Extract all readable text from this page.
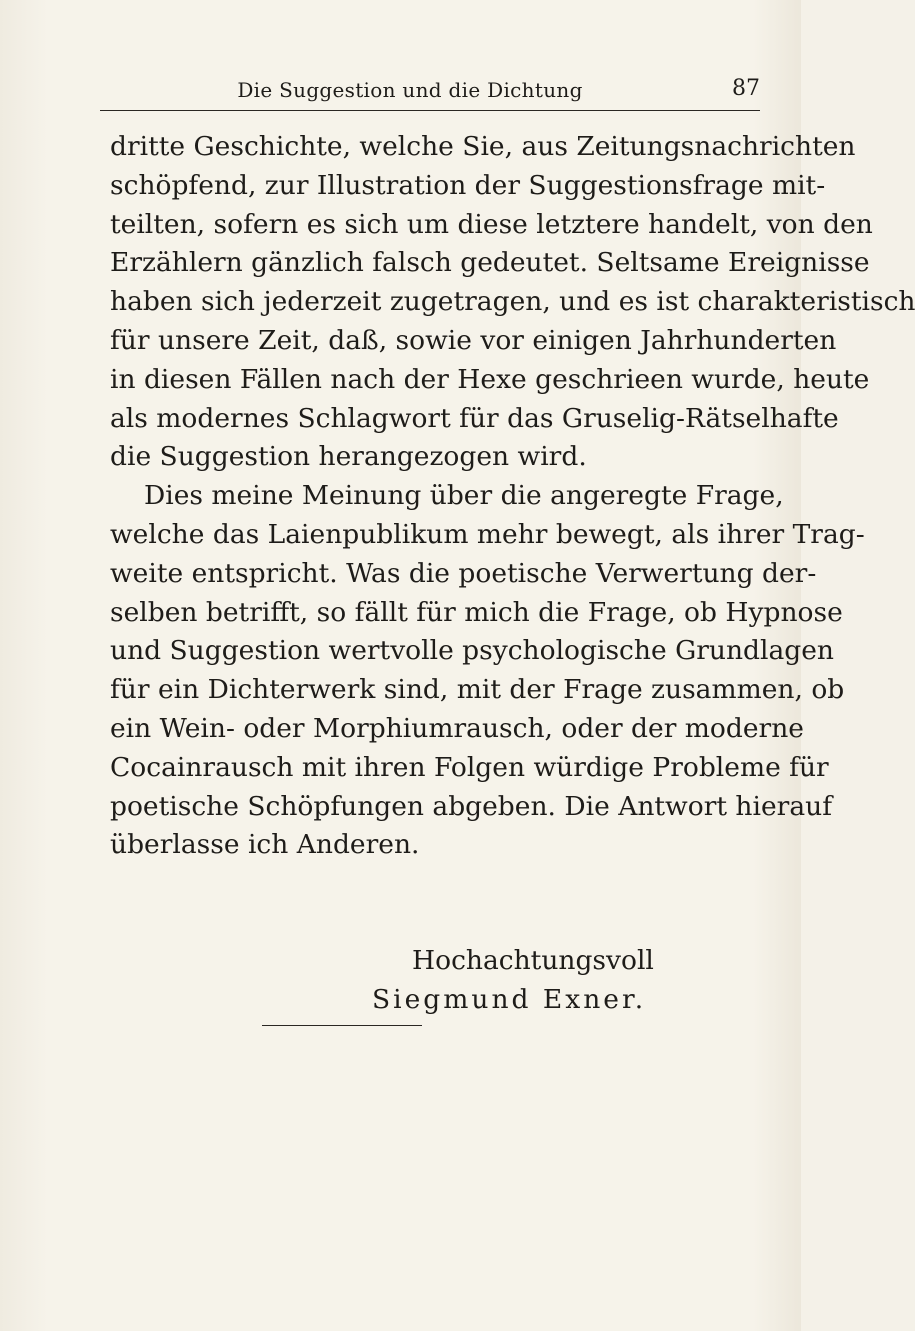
Die Suggestion und die Dichtung	87

dritte Geschichte, welche Sie, aus Zeitungsnachrichten
schöpfend, zur Illustration der Suggestionsfrage mit-
teilten, sofern es sich um diese letztere handelt, von den
Erzählern gänzlich falsch gedeutet. Seltsame Ereignisse
haben sich jederzeit zugetragen, und es ist charakteristisch
für unsere Zeit, daß, sowie vor einigen Jahrhunderten
in diesen Fällen nach der Hexe geschrieen wurde, heute
als modernes Schlagwort für das Gruselig-Rätselhafte
die Suggestion herangezogen wird.

Dies meine Meinung über die angeregte Frage,
welche das Laienpublikum mehr bewegt, als ihrer Trag-
weite entspricht. Was die poetische Verwertung der-
selben betrifft, so fällt für mich die Frage, ob Hypnose
und Suggestion wertvolle psychologische Grundlagen
für ein Dichterwerk sind, mit der Frage zusammen, ob
ein Wein- oder Morphiumrausch, oder der moderne
Cocainrausch mit ihren Folgen würdige Probleme für
poetische Schöpfungen abgeben. Die Antwort hierauf
überlasse ich Anderen.

Hochachtungsvoll
Siegmund Exner.
